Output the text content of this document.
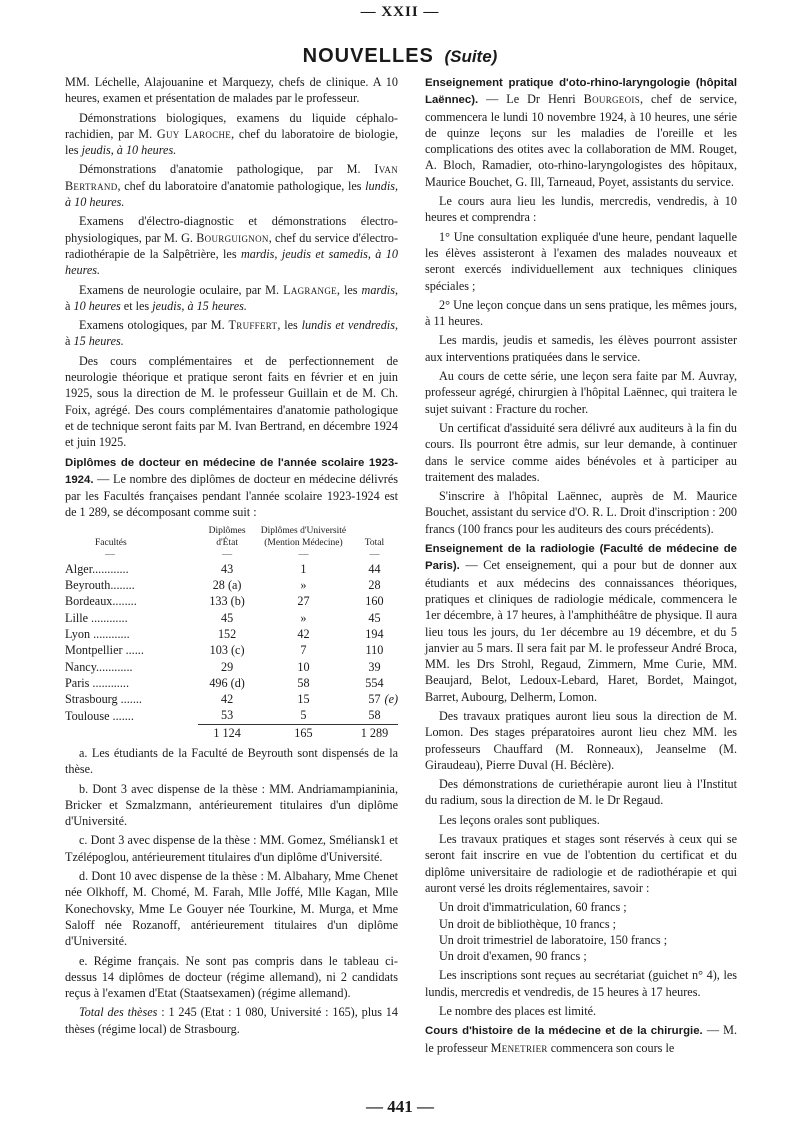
— XXII —
NOUVELLES (Suite)

MM. Léchelle, Alajouanine et Marquezy, chefs de clinique. A 10 heures, examen et présentation de malades par le professeur.

Démonstrations biologiques, examens du liquide céphalo-rachidien, par M. Guy Laroche, chef du laboratoire de biologie, les jeudis, à 10 heures.

Démonstrations d'anatomie pathologique, par M. Ivan Bertrand, chef du laboratoire d'anatomie pathologique, les lundis, à 10 heures.

Examens d'électro-diagnostic et démonstrations électro-physiologiques, par M. G. Bourguignon, chef du service d'électro-radiothérapie de la Salpêtrière, les mardis, jeudis et samedis, à 10 heures.

Examens de neurologie oculaire, par M. Lagrange, les mardis, à 10 heures et les jeudis, à 15 heures.

Examens otologiques, par M. Truffert, les lundis et vendredis, à 15 heures.

Des cours complémentaires et de perfectionnement de neurologie théorique et pratique seront faits en février et en juin 1925, sous la direction de M. le professeur Guillain et de M. Ch. Foix, agrégé. Des cours complémentaires d'anatomie pathologique et de technique seront faits par M. Ivan Bertrand, en décembre 1924 et juin 1925.

Diplômes de docteur en médecine de l'année scolaire 1923-1924. — Le nombre des diplômes de docteur en médecine délivrés par les Facultés françaises pendant l'année scolaire 1923-1924 est de 1 289, se décomposant comme suit :

Facultés	Diplômes d'État	Diplômes d'Université (Mention Médecine)	Total
—	—	—	—
Alger............	43	1	44
Beyrouth........	28 (a)	»	28
Bordeaux........	133 (b)	27	160
Lille ............	45	»	45
Lyon ............	152	42	194
Montpellier ......	103 (c)	7	110
Nancy............	29	10	39
Paris ............	496 (d)	58	554
Strasbourg .......	42	15	57 (e)

Toulouse .......	53	5	58
	1 124	165	1 289

a. Les étudiants de la Faculté de Beyrouth sont dispensés de la thèse.

b. Dont 3 avec dispense de la thèse : MM. Andriamampianinia, Bricker et Szmalzmann, antérieurement titulaires d'un diplôme d'Université.

c. Dont 3 avec dispense de la thèse : MM. Gomez, Sméliansk1 et Tzélépoglou, antérieurement titulaires d'un diplôme d'Université.

d. Dont 10 avec dispense de la thèse : M. Albahary, Mme Chenet née Olkhoff, M. Chomé, M. Farah, Mlle Joffé, Mlle Kagan, Mlle Konechovsky, Mme Le Gouyer née Tourkine, M. Murga, et Mme Saloff née Rozanoff, antérieurement titulaires d'un diplôme d'Université.

e. Régime français. Ne sont pas compris dans le tableau ci-dessus 14 diplômes de docteur (régime allemand), ni 2 candidats reçus à l'examen d'Etat (Staatsexamen) (régime allemand).

Total des thèses : 1 245 (Etat : 1 080, Université : 165), plus 14 thèses (régime local) de Strasbourg.

Enseignement pratique d'oto-rhino-laryngologie (hôpital Laënnec). — Le Dr Henri Bourgeois, chef de service, commencera le lundi 10 novembre 1924, à 10 heures, une série de quinze leçons sur les maladies de l'oreille et les complications des otites avec la collaboration de MM. Rouget, A. Bloch, Ramadier, oto-rhino-laryngologistes des hôpitaux, Maurice Bouchet, G. Ill, Tarneaud, Poyet, assistants du service.

Le cours aura lieu les lundis, mercredis, vendredis, à 10 heures et comprendra :

1° Une consultation expliquée d'une heure, pendant laquelle les élèves assisteront à l'examen des malades nouveaux et seront exercés individuellement aux techniques cliniques spéciales ;

2° Une leçon conçue dans un sens pratique, les mêmes jours, à 11 heures.

Les mardis, jeudis et samedis, les élèves pourront assister aux interventions pratiquées dans le service.

Au cours de cette série, une leçon sera faite par M. Auvray, professeur agrégé, chirurgien à l'hôpital Laënnec, qui traitera le sujet suivant : Fracture du rocher.

Un certificat d'assiduité sera délivré aux auditeurs à la fin du cours. Ils pourront être admis, sur leur demande, à continuer dans le service comme aides bénévoles et à participer au traitement des malades.

S'inscrire à l'hôpital Laënnec, auprès de M. Maurice Bouchet, assistant du service d'O. R. L. Droit d'inscription : 200 francs (100 francs pour les auditeurs des cours précédents).

Enseignement de la radiologie (Faculté de médecine de Paris). — Cet enseignement, qui a pour but de donner aux étudiants et aux médecins des connaissances théoriques, pratiques et cliniques de radiologie médicale, commencera le 1er décembre, à 17 heures, à l'amphithéâtre de physique. Il aura lieu tous les jours, du 1er décembre au 19 décembre, et du 5 janvier au 5 mars. Il sera fait par M. le professeur André Broca, MM. les Drs Strohl, Regaud, Zimmern, Mme Curie, MM. Beaujard, Belot, Ledoux-Lebard, Haret, Bordet, Maingot, Barret, Aubourg, Delherm, Lomon.

Des travaux pratiques auront lieu sous la direction de M. Lomon. Des stages préparatoires auront lieu chez MM. les professeurs Chauffard (M. Ronneaux), Jeanselme (M. Giraudeau), Pierre Duval (H. Béclère).

Des démonstrations de curiethérapie auront lieu à l'Institut du radium, sous la direction de M. le Dr Regaud.

Les leçons orales sont publiques.

Les travaux pratiques et stages sont réservés à ceux qui se seront fait inscrire en vue de l'obtention du certificat et du diplôme universitaire de radiologie et de radiothérapie et qui auront versé les droits réglementaires, savoir :

Un droit d'immatriculation, 60 francs ;

Un droit de bibliothèque, 10 francs ;

Un droit trimestriel de laboratoire, 150 francs ;

Un droit d'examen, 90 francs ;

Les inscriptions sont reçues au secrétariat (guichet n° 4), les lundis, mercredis et vendredis, de 15 heures à 17 heures.

Le nombre des places est limité.

Cours d'histoire de la médecine et de la chirurgie. — M. le professeur Menetrier commencera son cours le

— 441 —
